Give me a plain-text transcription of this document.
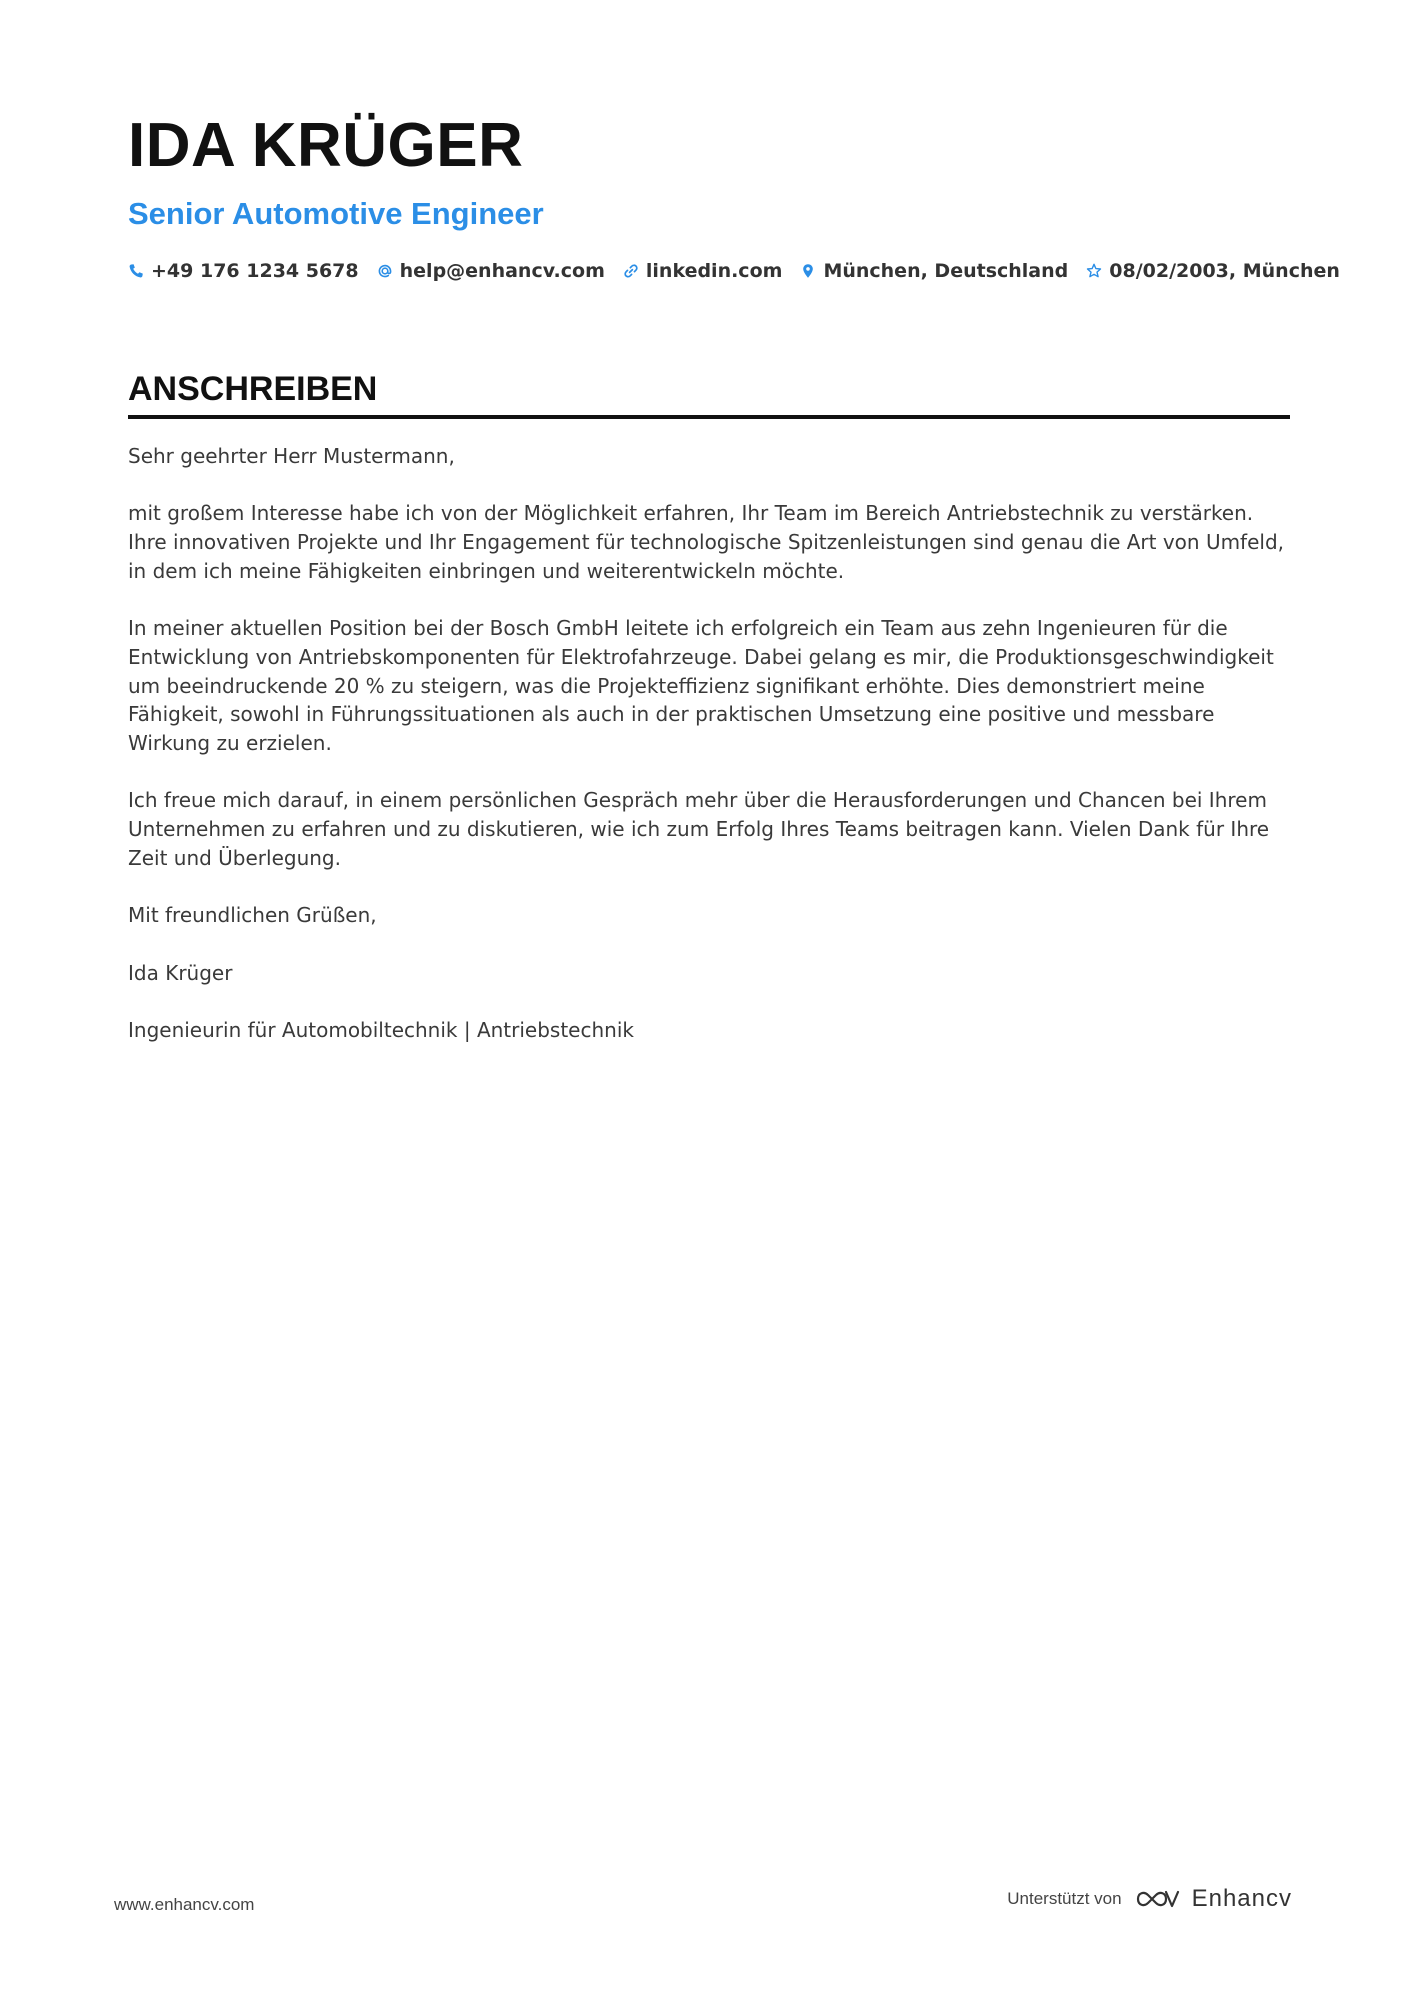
IDA KRÜGER
Senior Automotive Engineer
+49 176 1234 5678 help@enhancv.com linkedin.com München, Deutschland 08/02/2003, München
ANSCHREIBEN

Sehr geehrter Herr Mustermann,

mit großem Interesse habe ich von der Möglichkeit erfahren, Ihr Team im Bereich Antriebstechnik zu verstärken. Ihre innovativen Projekte und Ihr Engagement für technologische Spitzenleistungen sind genau die Art von Umfeld, in dem ich meine Fähigkeiten einbringen und weiterentwickeln möchte.

In meiner aktuellen Position bei der Bosch GmbH leitete ich erfolgreich ein Team aus zehn Ingenieuren für die Entwicklung von Antriebskomponenten für Elektrofahrzeuge. Dabei gelang es mir, die Produktionsgeschwindigkeit um beeindruckende 20 % zu steigern, was die Projekteffizienz signifikant erhöhte. Dies demonstriert meine Fähigkeit, sowohl in Führungssituationen als auch in der praktischen Umsetzung eine positive und messbare Wirkung zu erzielen.

Ich freue mich darauf, in einem persönlichen Gespräch mehr über die Herausforderungen und Chancen bei Ihrem Unternehmen zu erfahren und zu diskutieren, wie ich zum Erfolg Ihres Teams beitragen kann. Vielen Dank für Ihre Zeit und Überlegung.

Mit freundlichen Grüßen,

Ida Krüger

Ingenieurin für Automobiltechnik | Antriebstechnik

www.enhancv.com	Unterstützt von	Enhancv
